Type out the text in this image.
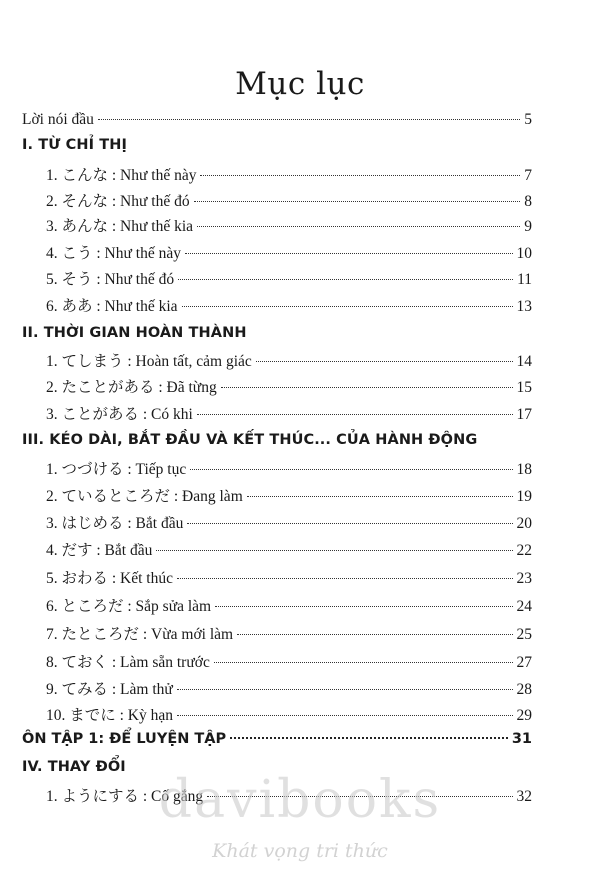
Mục lục
Lời nói đầu	5
I. TỪ CHỈ THỊ
1. こんな : Như thế này	7
2. そんな : Như thế đó	8
3. あんな : Như thế kia	9
4. こう : Như thế này	10
5. そう : Như thế đó	11
6. ああ : Như thế kia	13
II. THỜI GIAN HOÀN THÀNH
1. てしまう : Hoàn tất, cảm giác	14
2. たことがある : Đã từng	15
3. ことがある : Có khi	17
III. KÉO DÀI, BẮT ĐẦU VÀ KẾT THÚC... CỦA HÀNH ĐỘNG
1. つづける : Tiếp tục	18
2. ているところだ : Đang làm	19
3. はじめる : Bắt đầu	20
4. だす : Bắt đầu	22
5. おわる : Kết thúc	23
6. ところだ : Sắp sửa làm	24
7. たところだ : Vừa mới làm	25
8. ておく : Làm sẵn trước	27
9. てみる : Làm thử	28
10. までに : Kỳ hạn	29
ÔN TẬP 1: ĐỂ LUYỆN TẬP	31
IV. THAY ĐỔI
1. ようにする : Cố gắng	32
davibooks
Khát vọng tri thức
